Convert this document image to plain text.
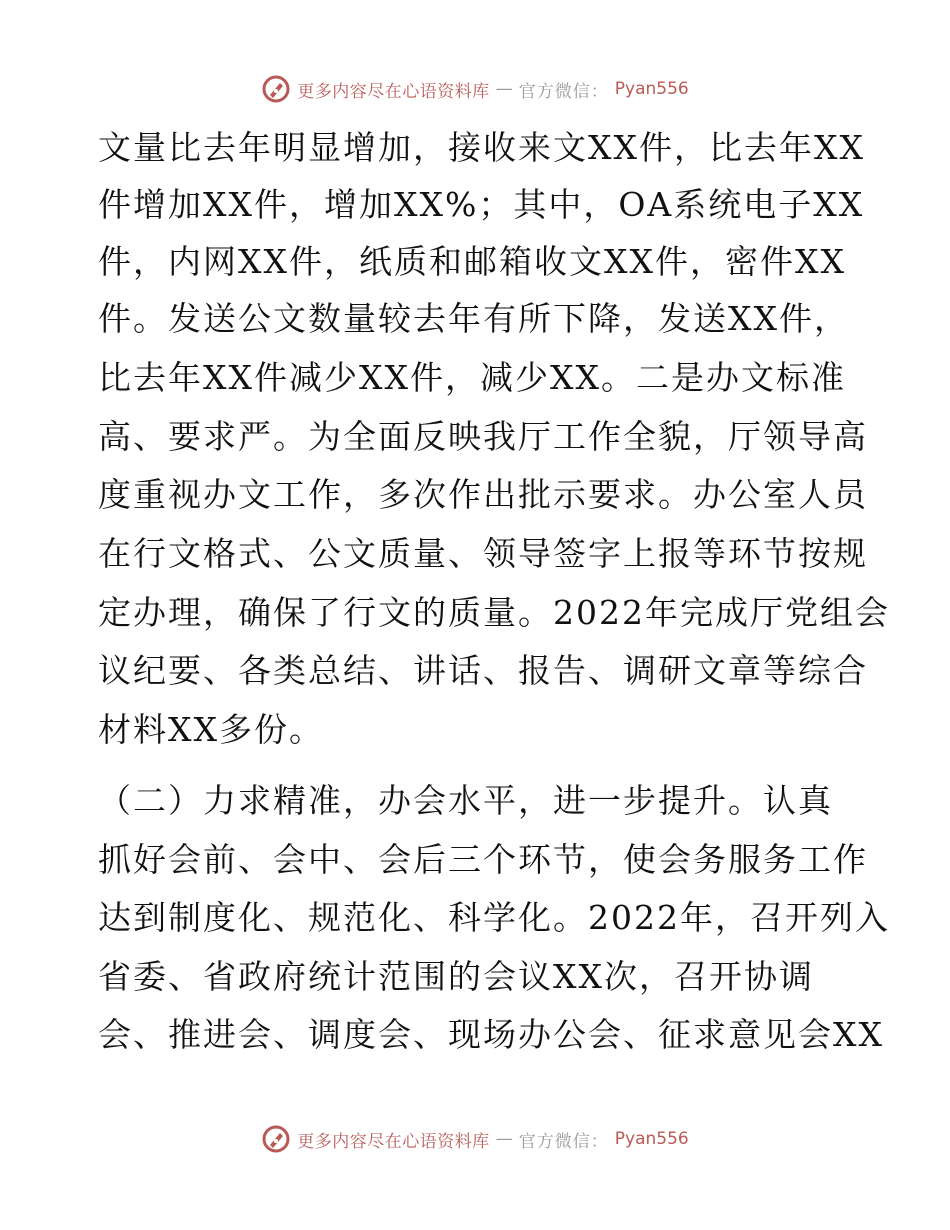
更多内容尽在心语资料库 — 官方微信： Pyan556
文量比去年明显增加，接收来文XX件，比去年XX
件增加XX件，增加XX%；其中，OA系统电子XX
件，内网XX件，纸质和邮箱收文XX件，密件XX
件。发送公文数量较去年有所下降，发送XX件，
比去年XX件减少XX件，减少XX。二是办文标准
高、要求严。为全面反映我厅工作全貌，厅领导高
度重视办文工作，多次作出批示要求。办公室人员
在行文格式、公文质量、领导签字上报等环节按规
定办理，确保了行文的质量。2022年完成厅党组会
议纪要、各类总结、讲话、报告、调研文章等综合
材料XX多份。
（二）力求精准，办会水平，进一步提升。认真
抓好会前、会中、会后三个环节，使会务服务工作
达到制度化、规范化、科学化。2022年，召开列入
省委、省政府统计范围的会议XX次，召开协调
会、推进会、调度会、现场办公会、征求意见会XX
更多内容尽在心语资料库 — 官方微信： Pyan556
